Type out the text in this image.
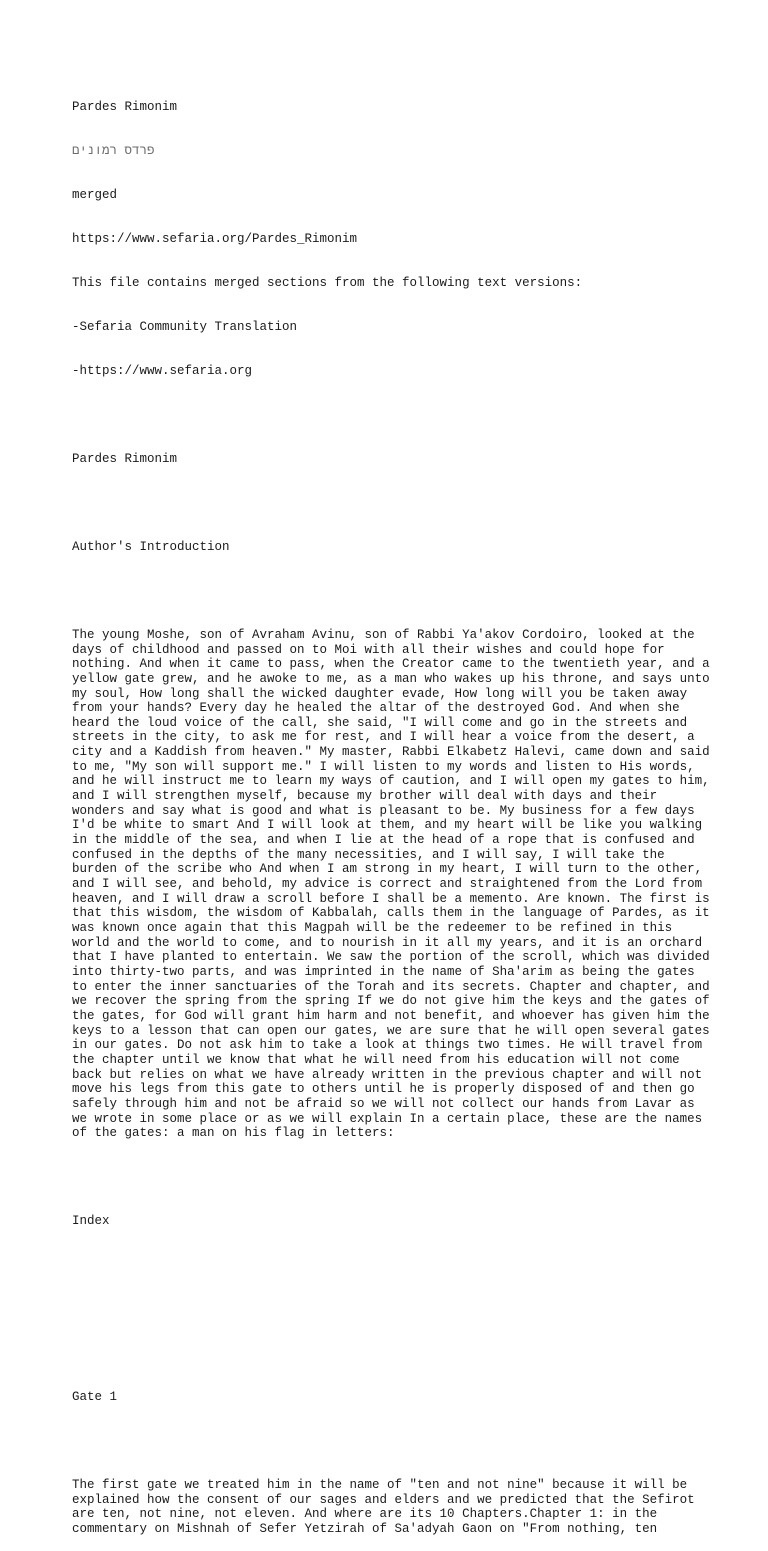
Pardes Rimonim

פרדס רמונים

merged

https://www.sefaria.org/Pardes_Rimonim

This file contains merged sections from the following text versions:

-Sefaria Community Translation

-https://www.sefaria.org

Pardes Rimonim

Author's Introduction

The young Moshe, son of Avraham Avinu, son of Rabbi Ya'akov Cordoiro, looked at the days of childhood and passed on to Moi with all their wishes and could hope for nothing. And when it came to pass, when the Creator came to the twentieth year, and a yellow gate grew, and he awoke to me, as a man who wakes up his throne, and says unto my soul, How long shall the wicked daughter evade, How long will you be taken away from your hands? Every day he healed the altar of the destroyed God. And when she heard the loud voice of the call, she said, "I will come and go in the streets and streets in the city, to ask me for rest, and I will hear a voice from the desert, a city and a Kaddish from heaven." My master, Rabbi Elkabetz Halevi, came down and said to me, "My son will support me." I will listen to my words and listen to His words, and he will instruct me to learn my ways of caution, and I will open my gates to him, and I will strengthen myself, because my brother will deal with days and their wonders and say what is good and what is pleasant to be. My business for a few days I'd be white to smart And I will look at them, and my heart will be like you walking in the middle of the sea, and when I lie at the head of a rope that is confused and confused in the depths of the many necessities, and I will say, I will take the burden of the scribe who And when I am strong in my heart, I will turn to the other, and I will see, and behold, my advice is correct and straightened from the Lord from heaven, and I will draw a scroll before I shall be a memento. Are known. The first is that this wisdom, the wisdom of Kabbalah, calls them in the language of Pardes, as it was known once again that this Magpah will be the redeemer to be refined in this world and the world to come, and to nourish in it all my years, and it is an orchard that I have planted to entertain. We saw the portion of the scroll, which was divided into thirty-two parts, and was imprinted in the name of Sha'arim as being the gates to enter the inner sanctuaries of the Torah and its secrets. Chapter and chapter, and we recover the spring from the spring If we do not give him the keys and the gates of the gates, for God will grant him harm and not benefit, and whoever has given him the keys to a lesson that can open our gates, we are sure that he will open several gates in our gates. Do not ask him to take a look at things two times. He will travel from the chapter until we know that what he will need from his education will not come back but relies on what we have already written in the previous chapter and will not move his legs from this gate to others until he is properly disposed of and then go safely through him and not be afraid so we will not collect our hands from Lavar as we wrote in some place or as we will explain In a certain place, these are the names of the gates: a man on his flag in letters:

Index

Gate 1

The first gate we treated him in the name of "ten and not nine" because it will be explained how the consent of our sages and elders and we predicted that the Sefirot are ten, not nine, not eleven. And where are its 10 Chapters.Chapter 1: in the commentary on Mishnah of Sefer Yetzirah of Sa'adyah Gaon on "From nothing, ten
